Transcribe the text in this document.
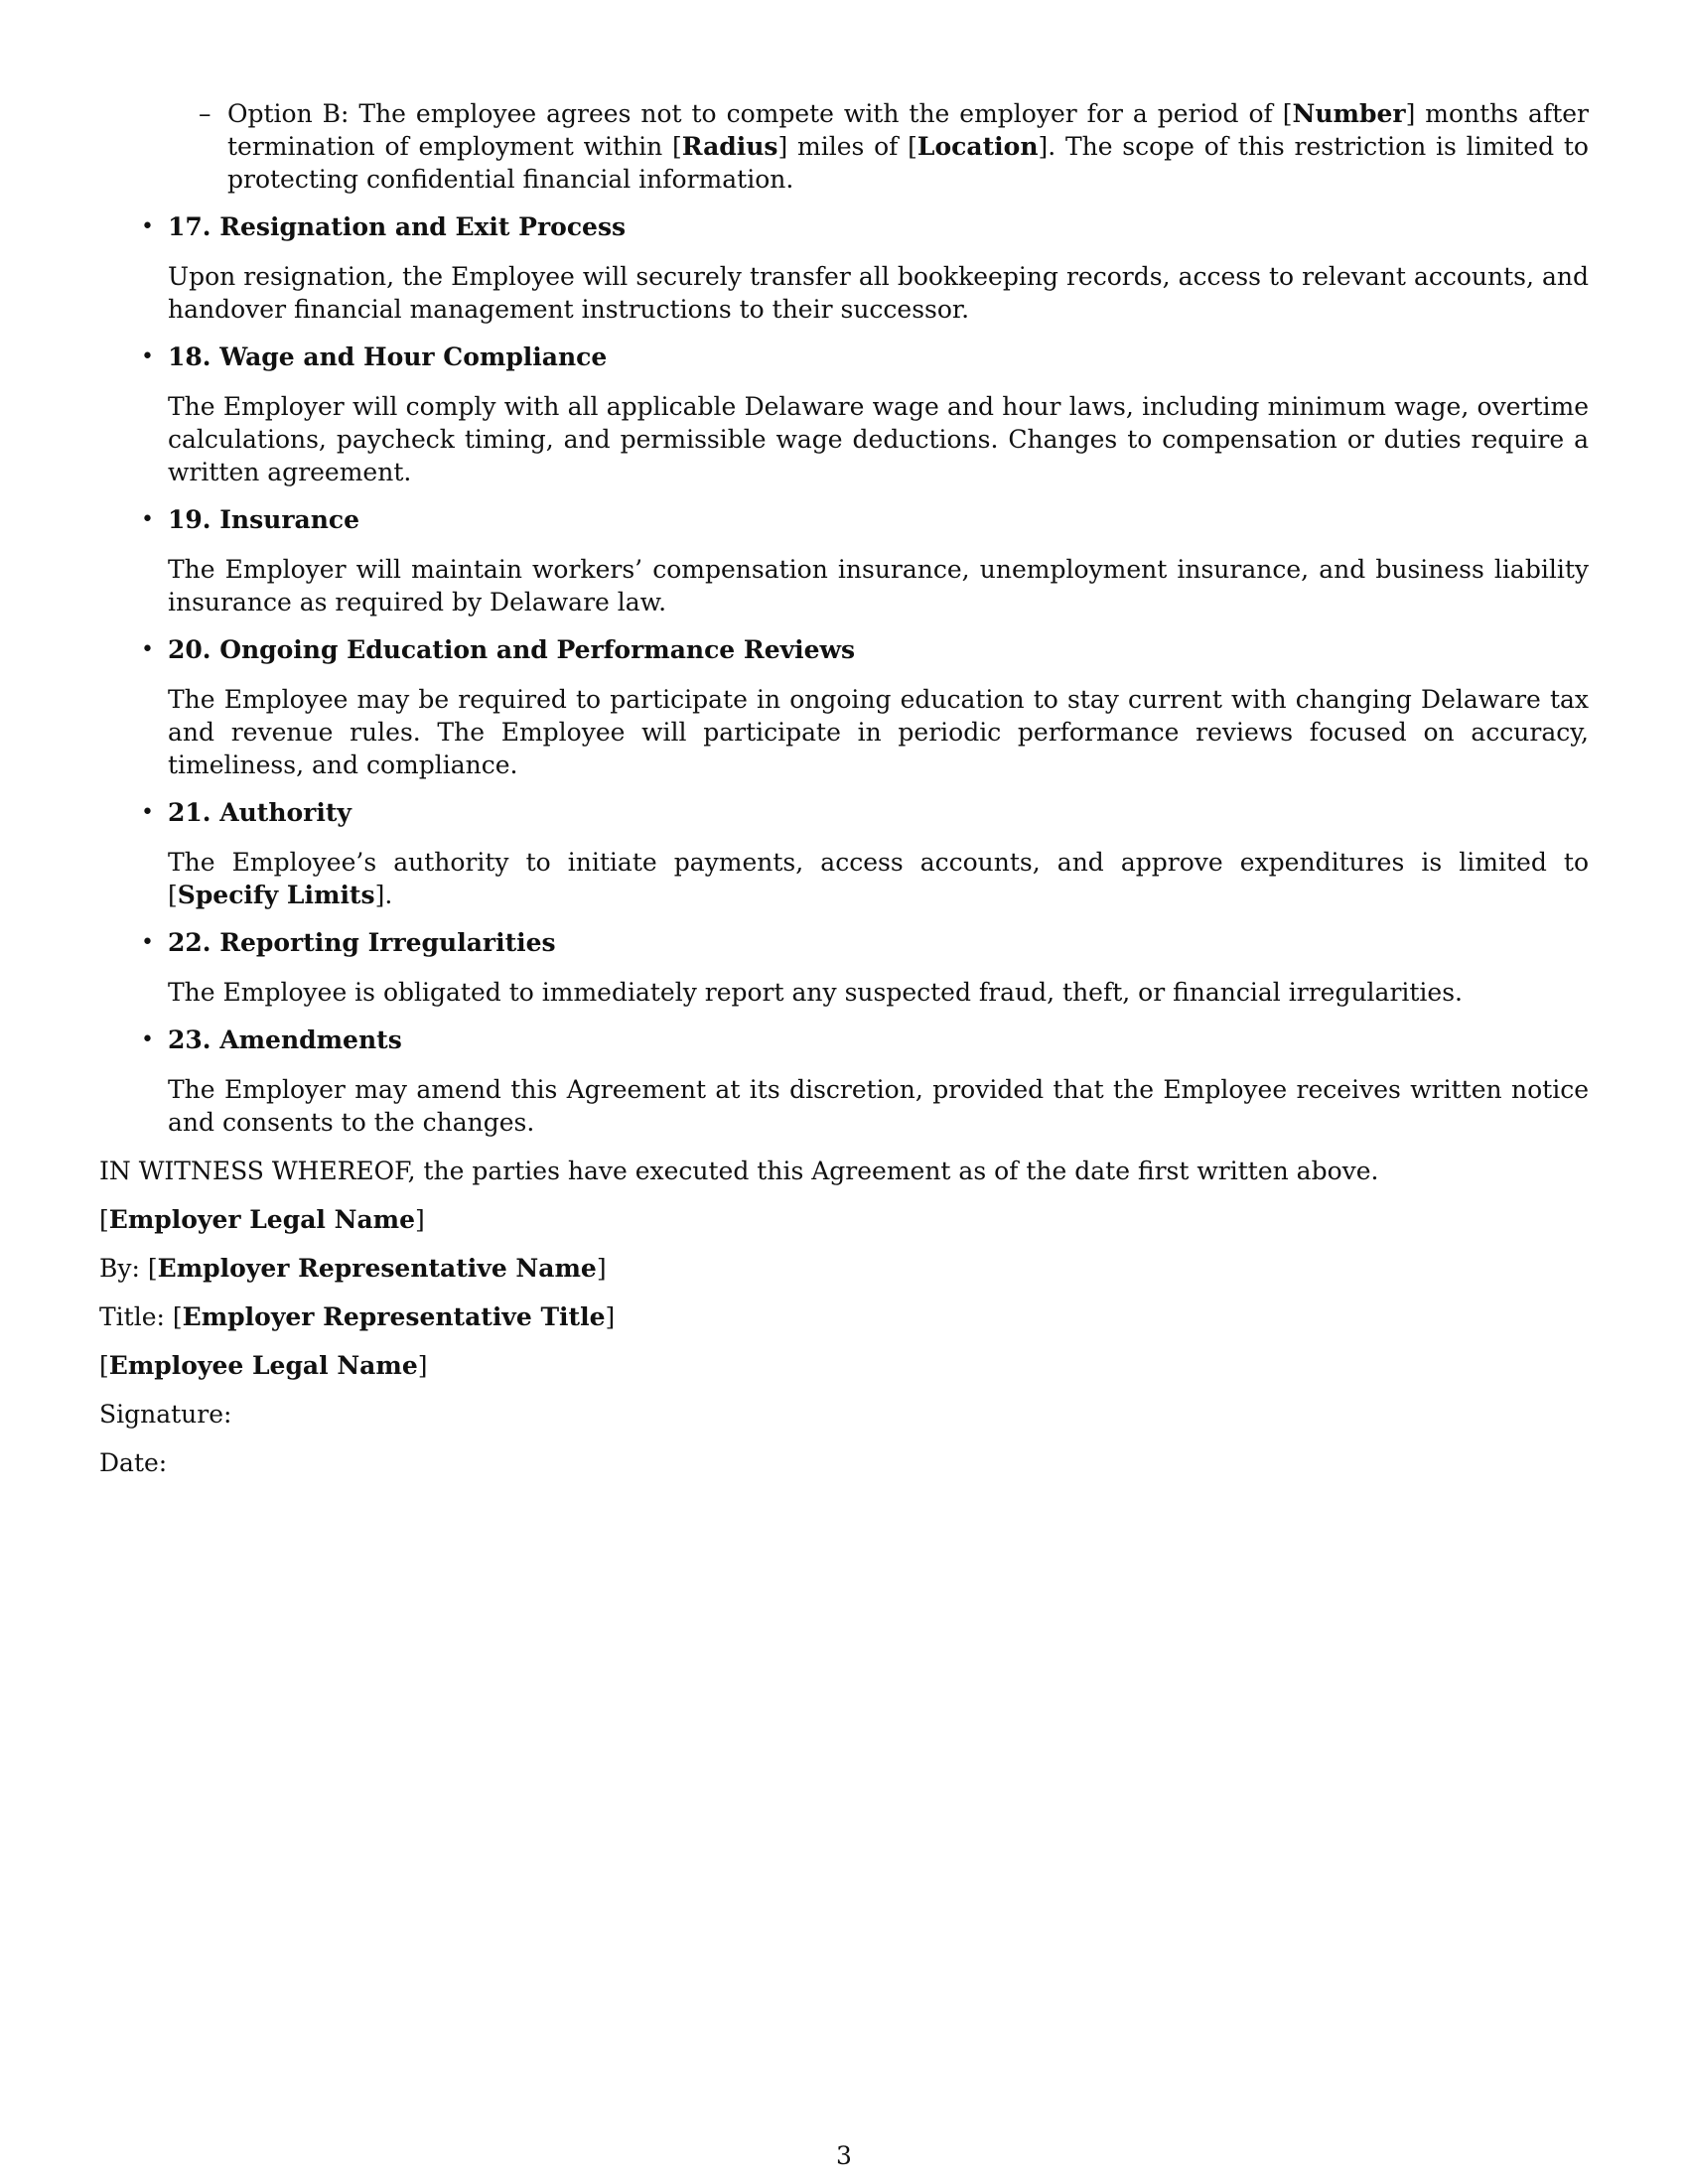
– Option B: The employee agrees not to compete with the employer for a period of [Number] months after termination of employment within [Radius] miles of [Location]. The scope of this restriction is limited to protecting confidential financial information.
• 17. Resignation and Exit Process

Upon resignation, the Employee will securely transfer all bookkeeping records, access to relevant accounts, and handover financial management instructions to their successor.

• 18. Wage and Hour Compliance

The Employer will comply with all applicable Delaware wage and hour laws, including minimum wage, overtime calculations, paycheck timing, and permissible wage deductions. Changes to compensation or duties require a written agreement.

• 19. Insurance

The Employer will maintain workers’ compensation insurance, unemployment insurance, and business liability insurance as required by Delaware law.

• 20. Ongoing Education and Performance Reviews

The Employee may be required to participate in ongoing education to stay current with changing Delaware tax and revenue rules. The Employee will participate in periodic performance reviews focused on accuracy, timeliness, and compliance.

• 21. Authority

The Employee’s authority to initiate payments, access accounts, and approve expenditures is limited to [Specify Limits].

• 22. Reporting Irregularities

The Employee is obligated to immediately report any suspected fraud, theft, or financial irregularities.

• 23. Amendments

The Employer may amend this Agreement at its discretion, provided that the Employee receives written notice and consents to the changes.

IN WITNESS WHEREOF, the parties have executed this Agreement as of the date first written above.
[Employer Legal Name]
By: [Employer Representative Name]
Title: [Employer Representative Title]
[Employee Legal Name]
Signature:
Date:
3
